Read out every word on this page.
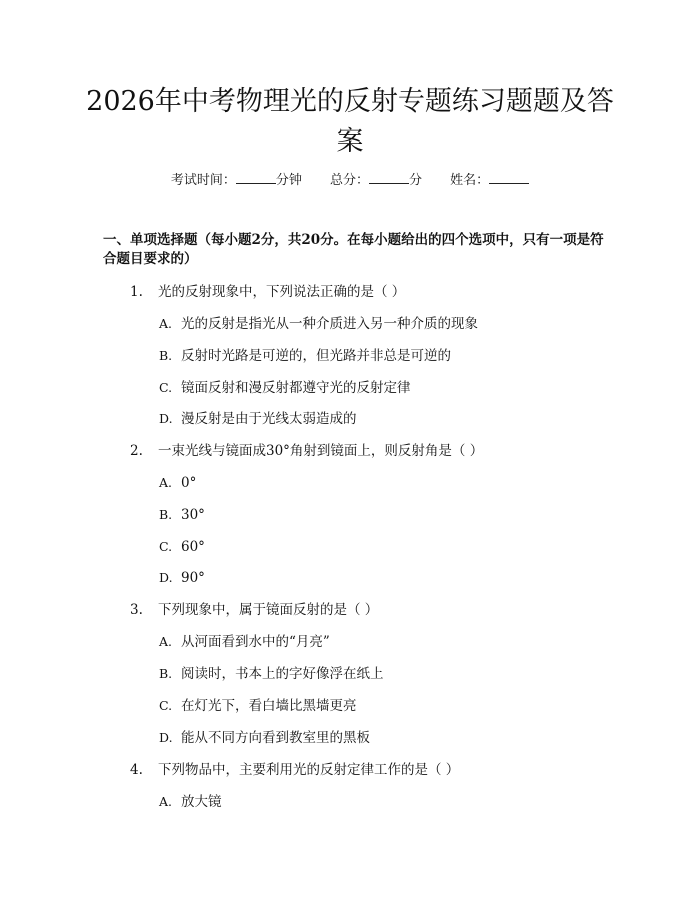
2026年中考物理光的反射专题练习题题及答案
考试时间：	分钟 总分：	分 姓名：
一、单项选择题（每小题2分，共20分。在每小题给出的四个选项中，只有一项是符合题目要求的）
1. 光的反射现象中，下列说法正确的是（ ）
A. 光的反射是指光从一种介质进入另一种介质的现象
B. 反射时光路是可逆的，但光路并非总是可逆的
C. 镜面反射和漫反射都遵守光的反射定律
D. 漫反射是由于光线太弱造成的
2. 一束光线与镜面成30°角射到镜面上，则反射角是（ ）
A. 0°
B. 30°
C. 60°
D. 90°
3. 下列现象中，属于镜面反射的是（ ）
A. 从河面看到水中的“月亮”
B. 阅读时，书本上的字好像浮在纸上
C. 在灯光下，看白墙比黑墙更亮
D. 能从不同方向看到教室里的黑板
4. 下列物品中，主要利用光的反射定律工作的是（ ）
A. 放大镜
